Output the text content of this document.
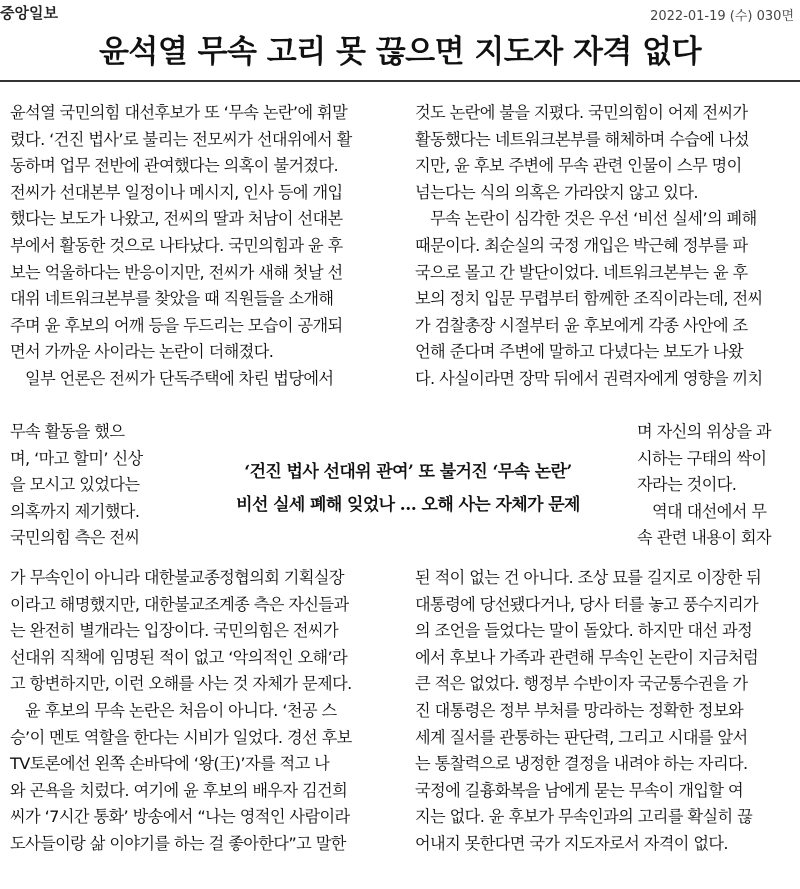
중앙일보	2022-01-19 (수) 030면
윤석열 무속 고리 못 끊으면 지도자 자격 없다
윤석열 국민의힘 대선후보가 또 ‘무속 논란’에 휘말
렸다. ‘건진 법사’로 불리는 전모씨가 선대위에서 활
동하며 업무 전반에 관여했다는 의혹이 불거졌다.
전씨가 선대본부 일정이나 메시지, 인사 등에 개입
했다는 보도가 나왔고, 전씨의 딸과 처남이 선대본
부에서 활동한 것으로 나타났다. 국민의힘과 윤 후
보는 억울하다는 반응이지만, 전씨가 새해 첫날 선
대위 네트워크본부를 찾았을 때 직원들을 소개해
주며 윤 후보의 어깨 등을 두드리는 모습이 공개되
면서 가까운 사이라는 논란이 더해졌다.
일부 언론은 전씨가 단독주택에 차린 법당에서
무속 활동을 했으
며, ‘마고 할미’ 신상
을 모시고 있었다는
의혹까지 제기했다.
국민의힘 측은 전씨
‘건진 법사 선대위 관여’ 또 불거진 ‘무속 논란’
비선 실세 폐해 잊었나 … 오해 사는 자체가 문제
가 무속인이 아니라 대한불교종정협의회 기획실장
이라고 해명했지만, 대한불교조계종 측은 자신들과
는 완전히 별개라는 입장이다. 국민의힘은 전씨가
선대위 직책에 임명된 적이 없고 ‘악의적인 오해’라
고 항변하지만, 이런 오해를 사는 것 자체가 문제다.
윤 후보의 무속 논란은 처음이 아니다. ‘천공 스
승’이 멘토 역할을 한다는 시비가 일었다. 경선 후보
TV토론에선 왼쪽 손바닥에 ‘왕(王)’자를 적고 나
와 곤욕을 치렀다. 여기에 윤 후보의 배우자 김건희
씨가 ‘7시간 통화’ 방송에서 “나는 영적인 사람이라
도사들이랑 삶 이야기를 하는 걸 좋아한다”고 말한
것도 논란에 불을 지폈다. 국민의힘이 어제 전씨가
활동했다는 네트워크본부를 해체하며 수습에 나섰
지만, 윤 후보 주변에 무속 관련 인물이 스무 명이
넘는다는 식의 의혹은 가라앉지 않고 있다.
무속 논란이 심각한 것은 우선 ‘비선 실세’의 폐해
때문이다. 최순실의 국정 개입은 박근혜 정부를 파
국으로 몰고 간 발단이었다. 네트워크본부는 윤 후
보의 정치 입문 무렵부터 함께한 조직이라는데, 전씨
가 검찰총장 시절부터 윤 후보에게 각종 사안에 조
언해 준다며 주변에 말하고 다녔다는 보도가 나왔
다. 사실이라면 장막 뒤에서 권력자에게 영향을 끼치
며 자신의 위상을 과
시하는 구태의 싹이
자라는 것이다.
역대 대선에서 무
속 관련 내용이 회자
된 적이 없는 건 아니다. 조상 묘를 길지로 이장한 뒤
대통령에 당선됐다거나, 당사 터를 놓고 풍수지리가
의 조언을 들었다는 말이 돌았다. 하지만 대선 과정
에서 후보나 가족과 관련해 무속인 논란이 지금처럼
큰 적은 없었다. 행정부 수반이자 국군통수권을 가
진 대통령은 정부 부처를 망라하는 정확한 정보와
세계 질서를 관통하는 판단력, 그리고 시대를 앞서
는 통찰력으로 냉정한 결정을 내려야 하는 자리다.
국정에 길흉화복을 남에게 묻는 무속이 개입할 여
지는 없다. 윤 후보가 무속인과의 고리를 확실히 끊
어내지 못한다면 국가 지도자로서 자격이 없다.
